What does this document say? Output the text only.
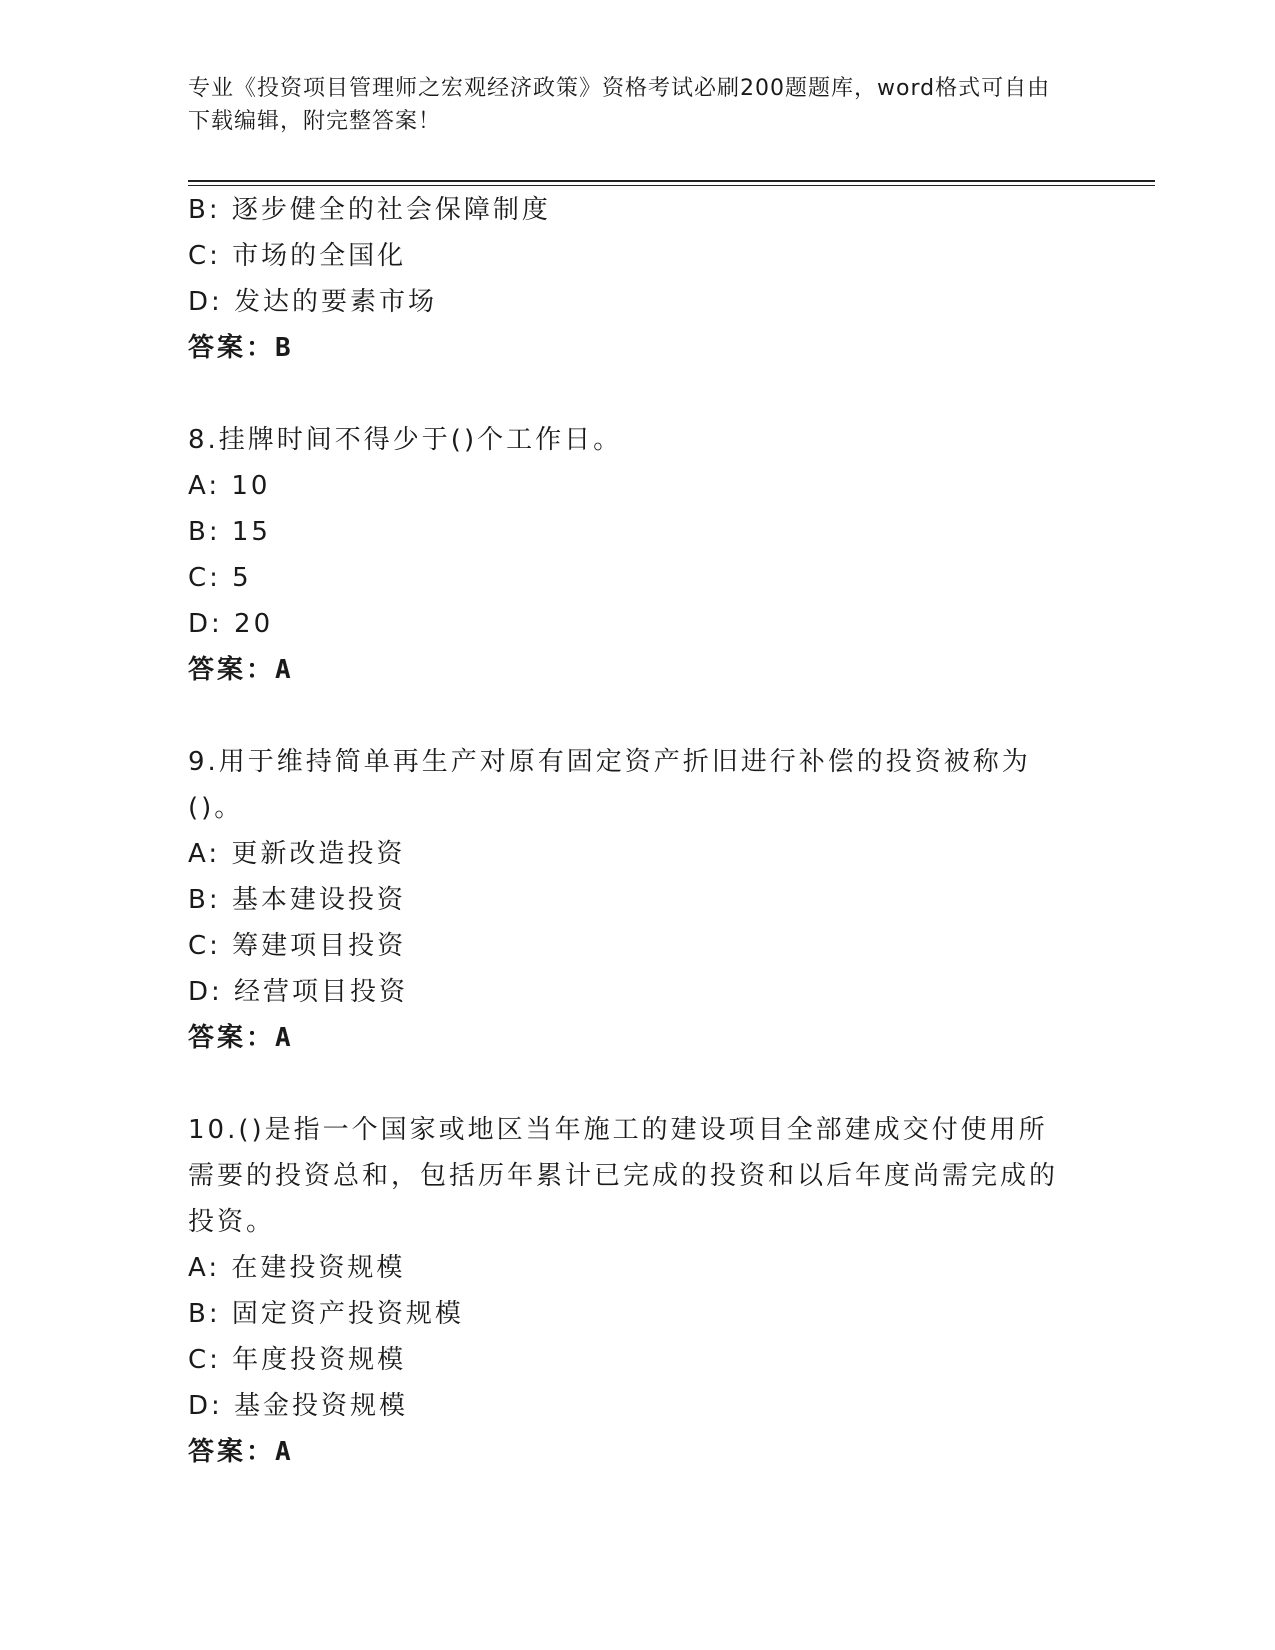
专业《投资项目管理师之宏观经济政策》资格考试必刷200题题库，word格式可自由下载编辑，附完整答案！
B: 逐步健全的社会保障制度
C: 市场的全国化
D: 发达的要素市场
答案：B
8.挂牌时间不得少于()个工作日。
A: 10
B: 15
C: 5
D: 20
答案：A
9.用于维持简单再生产对原有固定资产折旧进行补偿的投资被称为()。
A: 更新改造投资
B: 基本建设投资
C: 筹建项目投资
D: 经营项目投资
答案：A
10.()是指一个国家或地区当年施工的建设项目全部建成交付使用所需要的投资总和，包括历年累计已完成的投资和以后年度尚需完成的投资。
A: 在建投资规模
B: 固定资产投资规模
C: 年度投资规模
D: 基金投资规模
答案：A
